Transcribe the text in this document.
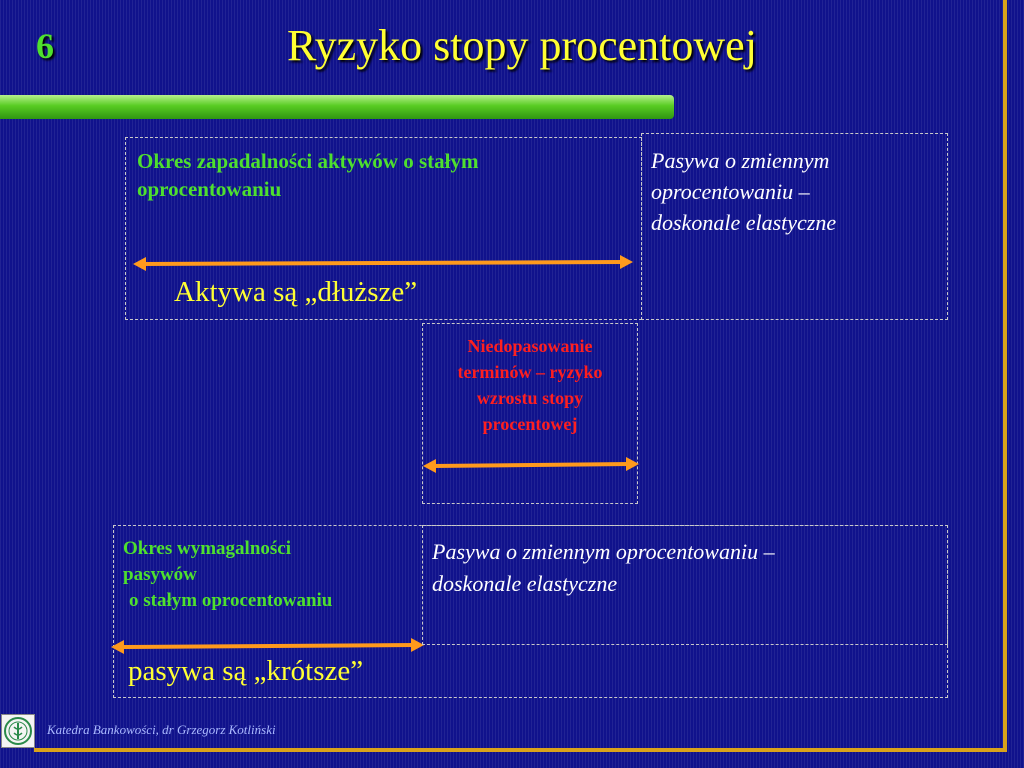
6	Ryzyko stopy procentowej
Okres zapadalności aktywów o stałym
oprocentowaniu
Aktywa są „dłuższe”
Pasywa o zmiennym
oprocentowaniu –
doskonale elastyczne
Niedopasowanie
terminów – ryzyko
wzrostu stopy
procentowej
Okres wymagalności
pasywów
o stałym oprocentowaniu
pasywa są „krótsze”
Pasywa o zmiennym oprocentowaniu –
doskonale elastyczne
Katedra Bankowości, dr Grzegorz Kotliński
